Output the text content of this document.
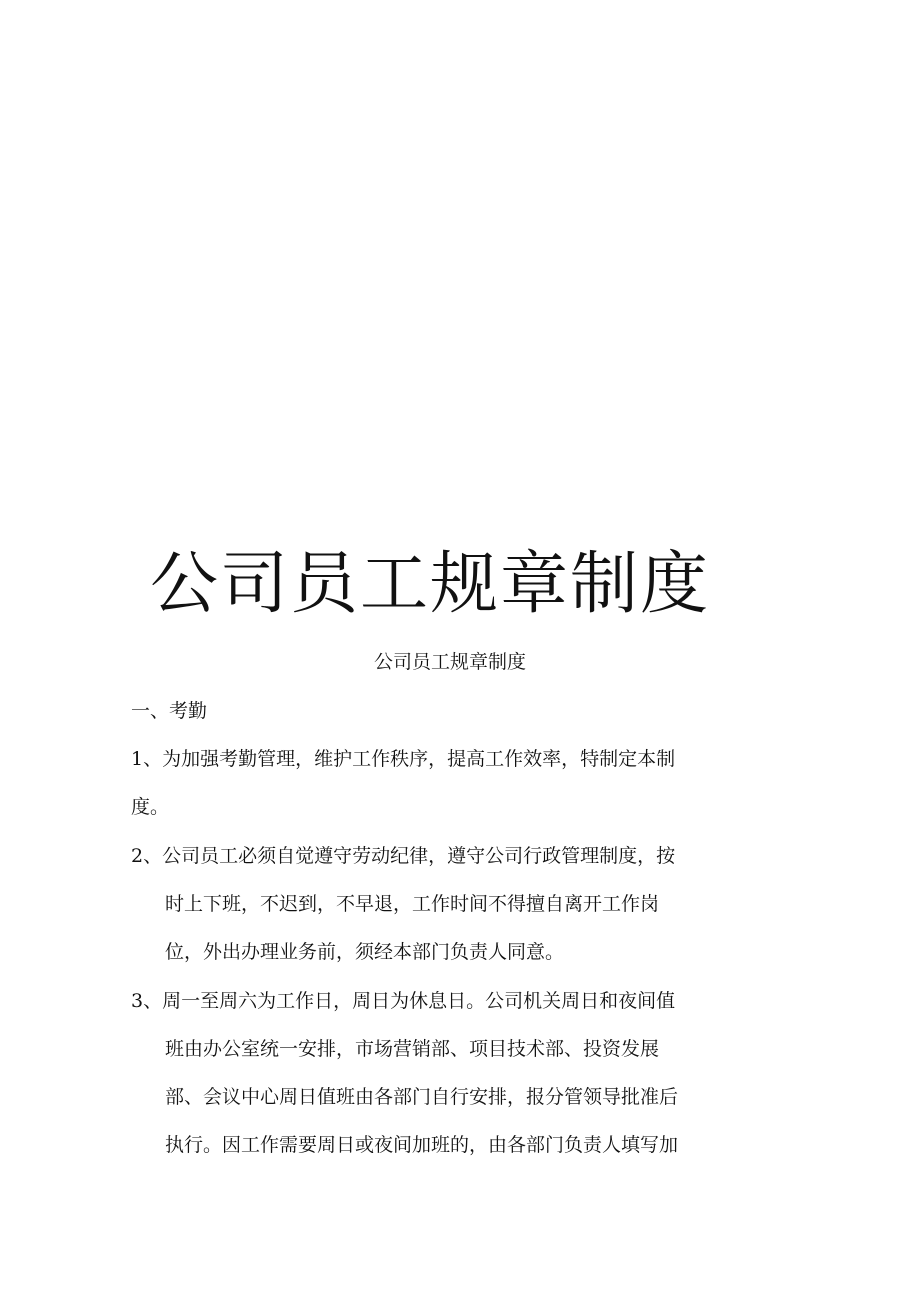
公司员工规章制度

公司员工规章制度

一、考勤

1、为加强考勤管理，维护工作秩序，提高工作效率，特制定本制

度。

2、公司员工必须自觉遵守劳动纪律，遵守公司行政管理制度，按

时上下班，不迟到，不早退，工作时间不得擅自离开工作岗

位，外出办理业务前，须经本部门负责人同意。

3、周一至周六为工作日，周日为休息日。公司机关周日和夜间值

班由办公室统一安排，市场营销部、项目技术部、投资发展

部、会议中心周日值班由各部门自行安排，报分管领导批准后

执行。因工作需要周日或夜间加班的，由各部门负责人填写加
